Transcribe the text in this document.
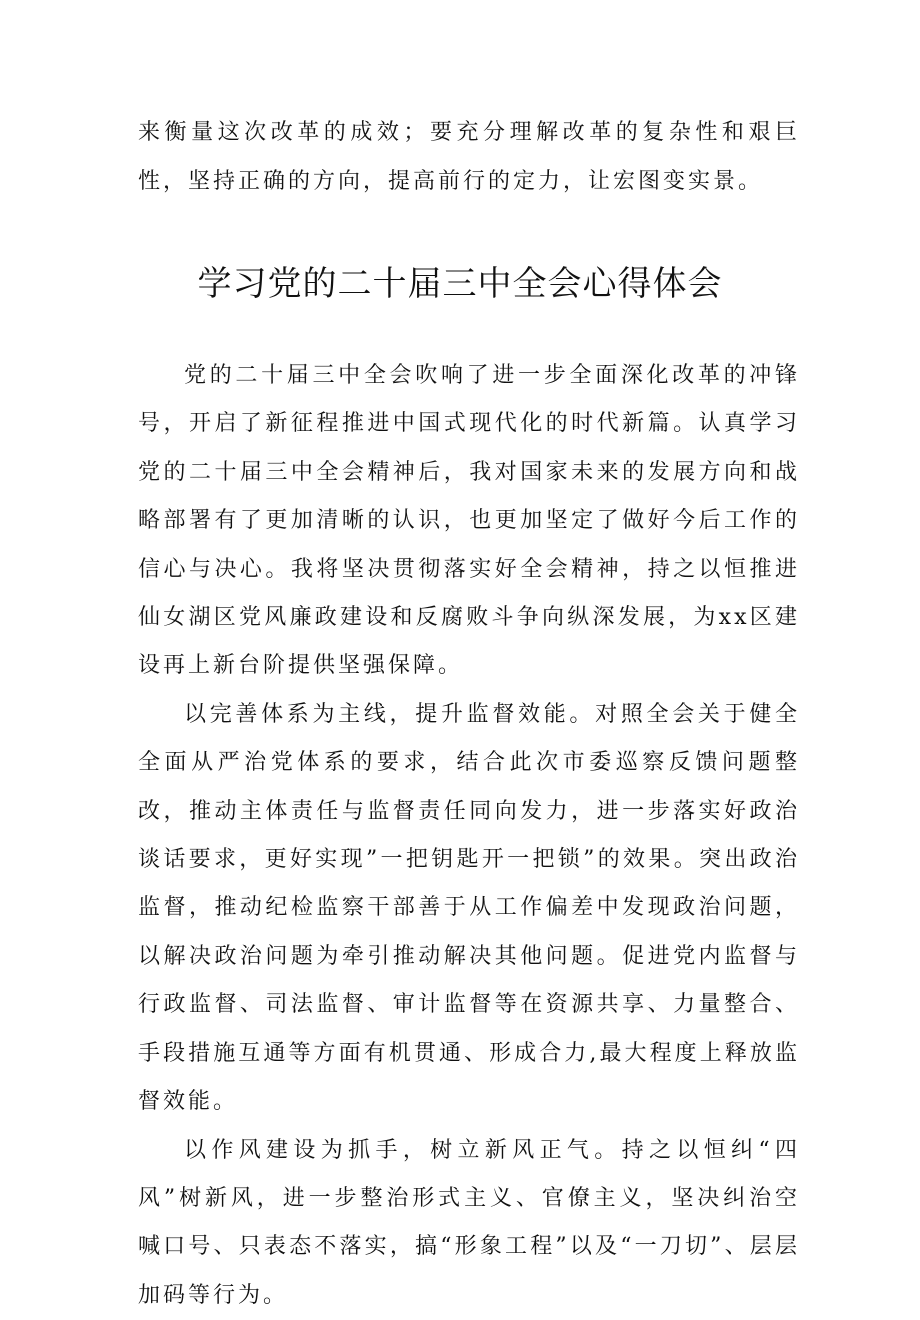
来衡量这次改革的成效；要充分理解改革的复杂性和艰巨性，坚持正确的方向，提高前行的定力，让宏图变实景。
学习党的二十届三中全会心得体会

党的二十届三中全会吹响了进一步全面深化改革的冲锋号，开启了新征程推进中国式现代化的时代新篇。认真学习党的二十届三中全会精神后，我对国家未来的发展方向和战略部署有了更加清晰的认识，也更加坚定了做好今后工作的信心与决心。我将坚决贯彻落实好全会精神，持之以恒推进仙女湖区党风廉政建设和反腐败斗争向纵深发展，为xx区建设再上新台阶提供坚强保障。

以完善体系为主线，提升监督效能。对照全会关于健全全面从严治党体系的要求，结合此次市委巡察反馈问题整改，推动主体责任与监督责任同向发力，进一步落实好政治谈话要求，更好实现”一把钥匙开一把锁”的效果。突出政治监督，推动纪检监察干部善于从工作偏差中发现政治问题，以解决政治问题为牵引推动解决其他问题。促进党内监督与行政监督、司法监督、审计监督等在资源共享、力量整合、手段措施互通等方面有机贯通、形成合力,最大程度上释放监督效能。

以作风建设为抓手，树立新风正气。持之以恒纠“四风”树新风，进一步整治形式主义、官僚主义，坚决纠治空喊口号、只表态不落实，搞“形象工程”以及“一刀切”、层层加码等行为。
